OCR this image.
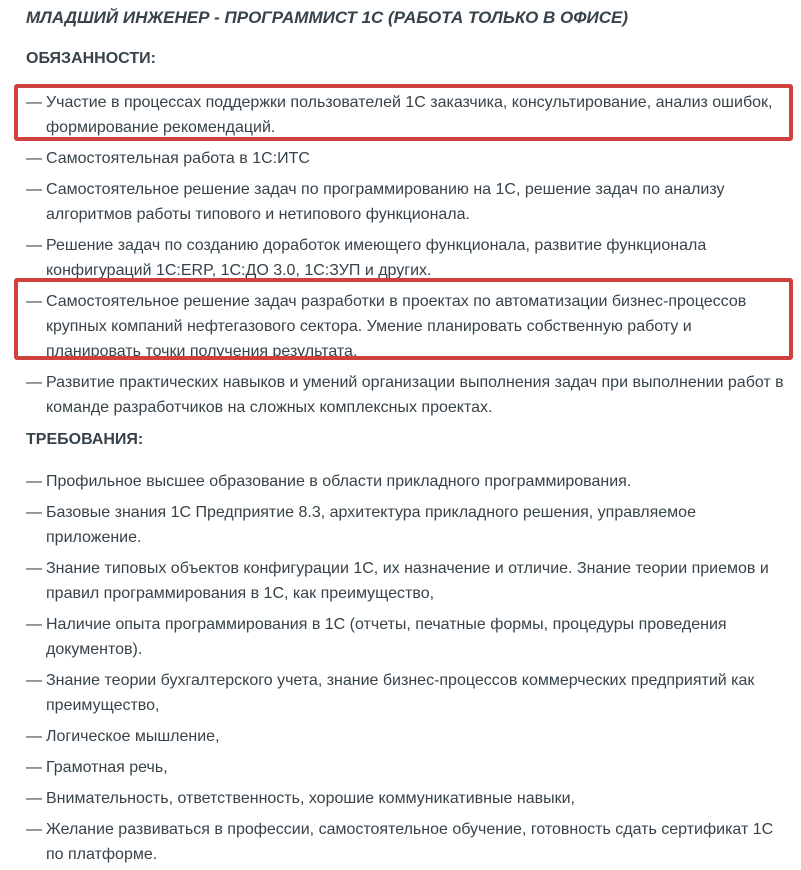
МЛАДШИЙ ИНЖЕНЕР - ПРОГРАММИСТ 1С (РАБОТА ТОЛЬКО В ОФИСЕ)
ОБЯЗАННОСТИ:
— Участие в процессах поддержки пользователей 1С заказчика, консультирование, анализ ошибок, формирование рекомендаций.
— Самостоятельная работа в 1С:ИТС
— Самостоятельное решение задач по программированию на 1С, решение задач по анализу алгоритмов работы типового и нетипового функционала.
— Решение задач по созданию доработок имеющего функционала, развитие функционала конфигураций 1С:ERP, 1С:ДО 3.0, 1С:ЗУП и других.
— Самостоятельное решение задач разработки в проектах по автоматизации бизнес-процессов крупных компаний нефтегазового сектора. Умение планировать собственную работу и планировать точки получения результата.
— Развитие практических навыков и умений организации выполнения задач при выполнении работ в команде разработчиков на сложных комплексных проектах.
ТРЕБОВАНИЯ:
— Профильное высшее образование в области прикладного программирования.
— Базовые знания 1С Предприятие 8.3, архитектура прикладного решения, управляемое приложение.
— Знание типовых объектов конфигурации 1С, их назначение и отличие. Знание теории приемов и правил программирования в 1С, как преимущество,
— Наличие опыта программирования в 1С (отчеты, печатные формы, процедуры проведения документов).
— Знание теории бухгалтерского учета, знание бизнес-процессов коммерческих предприятий как преимущество,
— Логическое мышление,
— Грамотная речь,
— Внимательность, ответственность, хорошие коммуникативные навыки,
— Желание развиваться в профессии, самостоятельное обучение, готовность сдать сертификат 1С по платформе.
